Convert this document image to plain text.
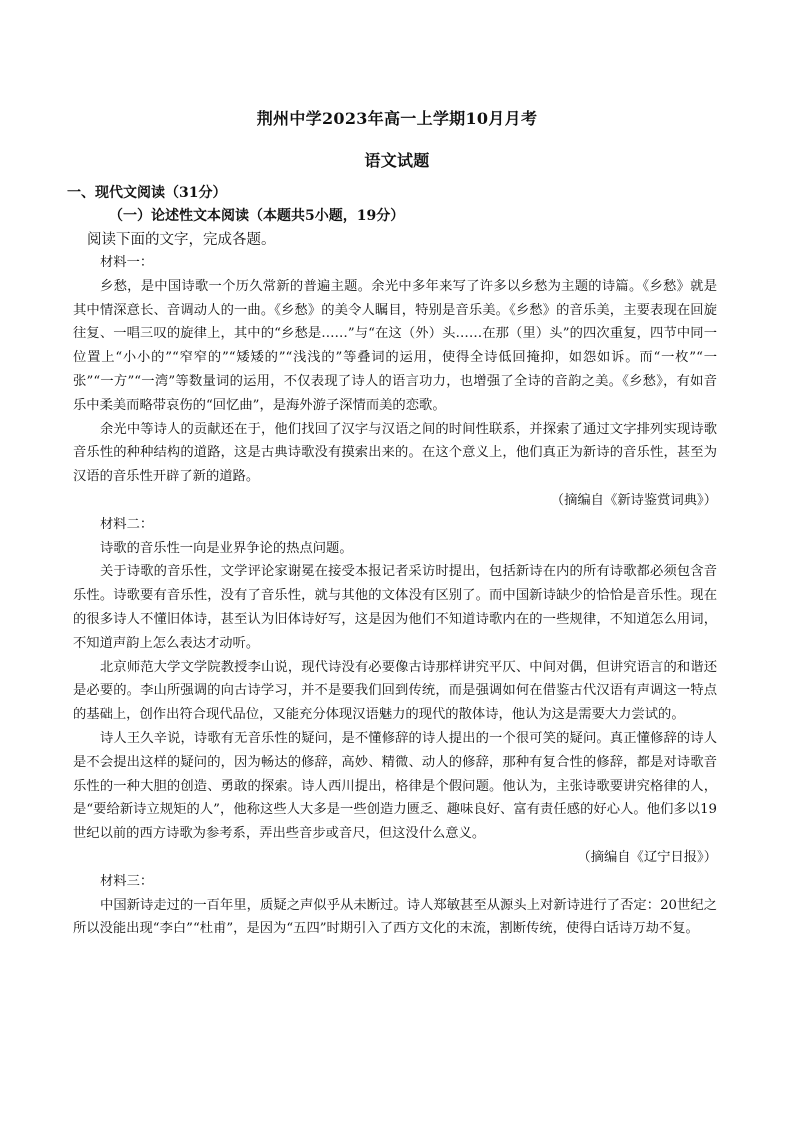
荆州中学2023年高一上学期10月月考
语文试题
一、现代文阅读（31分）
（一）论述性文本阅读（本题共5小题，19分）
阅读下面的文字，完成各题。

材料一：

乡愁，是中国诗歌一个历久常新的普遍主题。余光中多年来写了许多以乡愁为主题的诗篇。《乡愁》就是其中情深意长、音调动人的一曲。《乡愁》的美令人瞩目，特别是音乐美。《乡愁》的音乐美，主要表现在回旋往复、一唱三叹的旋律上，其中的“乡愁是……”与“在这（外）头……在那（里）头”的四次重复，四节中同一位置上“小小的”“窄窄的”“矮矮的”“浅浅的”等叠词的运用，使得全诗低回掩抑，如怨如诉。而“一枚”“一张”“一方”“一湾”等数量词的运用，不仅表现了诗人的语言功力，也增强了全诗的音韵之美。《乡愁》，有如音乐中柔美而略带哀伤的“回忆曲”，是海外游子深情而美的恋歌。

余光中等诗人的贡献还在于，他们找回了汉字与汉语之间的时间性联系，并探索了通过文字排列实现诗歌音乐性的种种结构的道路，这是古典诗歌没有摸索出来的。在这个意义上，他们真正为新诗的音乐性，甚至为汉语的音乐性开辟了新的道路。

（摘编自《新诗鉴赏词典》）

材料二：

诗歌的音乐性一向是业界争论的热点问题。

关于诗歌的音乐性，文学评论家谢冕在接受本报记者采访时提出，包括新诗在内的所有诗歌都必须包含音乐性。诗歌要有音乐性，没有了音乐性，就与其他的文体没有区别了。而中国新诗缺少的恰恰是音乐性。现在的很多诗人不懂旧体诗，甚至认为旧体诗好写，这是因为他们不知道诗歌内在的一些规律，不知道怎么用词，不知道声韵上怎么表达才动听。

北京师范大学文学院教授李山说，现代诗没有必要像古诗那样讲究平仄、中间对偶，但讲究语言的和谐还是必要的。李山所强调的向古诗学习，并不是要我们回到传统，而是强调如何在借鉴古代汉语有声调这一特点的基础上，创作出符合现代品位，又能充分体现汉语魅力的现代的散体诗，他认为这是需要大力尝试的。

诗人王久辛说，诗歌有无音乐性的疑问，是不懂修辞的诗人提出的一个很可笑的疑问。真正懂修辞的诗人是不会提出这样的疑问的，因为畅达的修辞，高妙、精微、动人的修辞，那种有复合性的修辞，都是对诗歌音乐性的一种大胆的创造、勇敢的探索。诗人西川提出，格律是个假问题。他认为，主张诗歌要讲究格律的人，是“要给新诗立规矩的人”，他称这些人大多是一些创造力匮乏、趣味良好、富有责任感的好心人。他们多以19世纪以前的西方诗歌为参考系，弄出些音步或音尺，但这没什么意义。

（摘编自《辽宁日报》）

材料三：

中国新诗走过的一百年里，质疑之声似乎从未断过。诗人郑敏甚至从源头上对新诗进行了否定：20世纪之所以没能出现“李白”“杜甫”，是因为“五四”时期引入了西方文化的末流，割断传统，使得白话诗万劫不复。
